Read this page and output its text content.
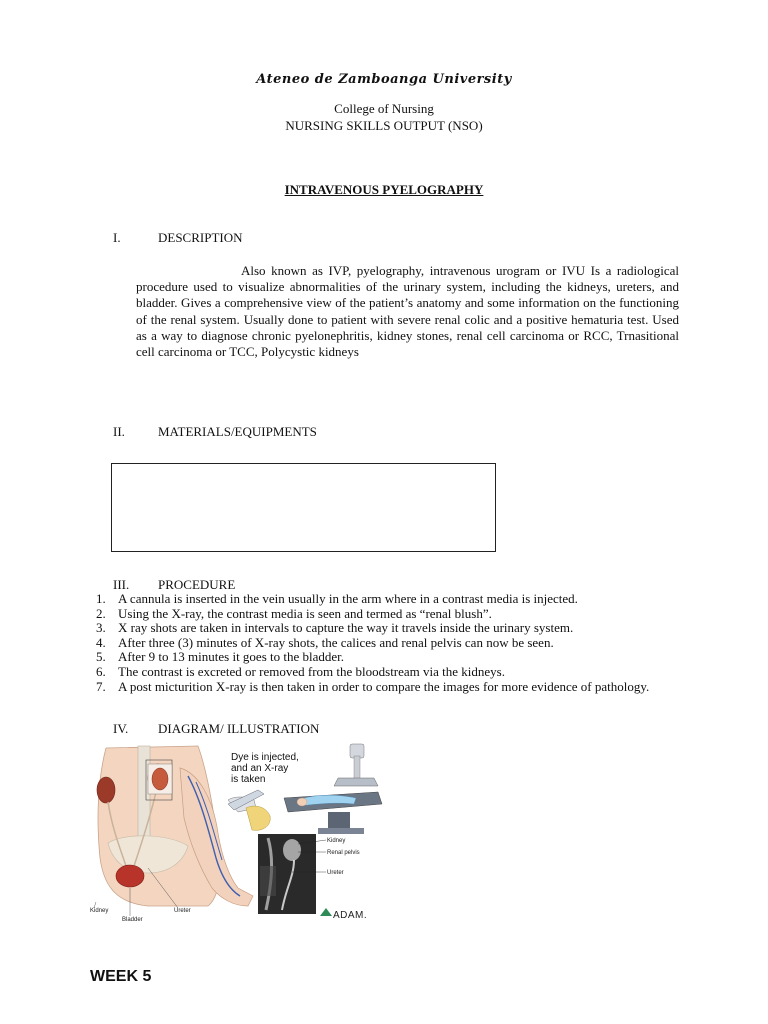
Ateneo de Zamboanga University
College of Nursing
NURSING SKILLS OUTPUT (NSO)
INTRAVENOUS PYELOGRAPHY
I.	DESCRIPTION
Also known as IVP, pyelography, intravenous urogram or IVU Is a radiological procedure used to visualize abnormalities of the urinary system, including the kidneys, ureters, and bladder. Gives a comprehensive view of the patient’s anatomy and some information on the functioning of the renal system. Usually done to patient with severe renal colic and a positive hematuria test. Used as a way to diagnose chronic pyelonephritis, kidney stones, renal cell carcinoma or RCC, Trnasitional cell carcinoma or TCC, Polycystic kidneys
II.	MATERIALS/EQUIPMENTS
III. PROCEDURE
1. A cannula is inserted in the vein usually in the arm where in a contrast media is injected.
2. Using the X-ray, the contrast media is seen and termed as “renal blush”.
3. X ray shots are taken in intervals to capture the way it travels inside the urinary system.
4. After three (3) minutes of X-ray shots, the calices and renal pelvis can now be seen.
5. After 9 to 13 minutes it goes to the bladder.
6. The contrast is excreted or removed from the bloodstream via the kidneys.
7. A post micturition X-ray is then taken in order to compare the images for more evidence of pathology.
IV. DIAGRAM/ ILLUSTRATION
Kidney
Bladder
Ureter
Dye is injected,
and an X-ray
is taken
Kidney
Renal pelvis
Ureter
ADAM.
WEEK 5
